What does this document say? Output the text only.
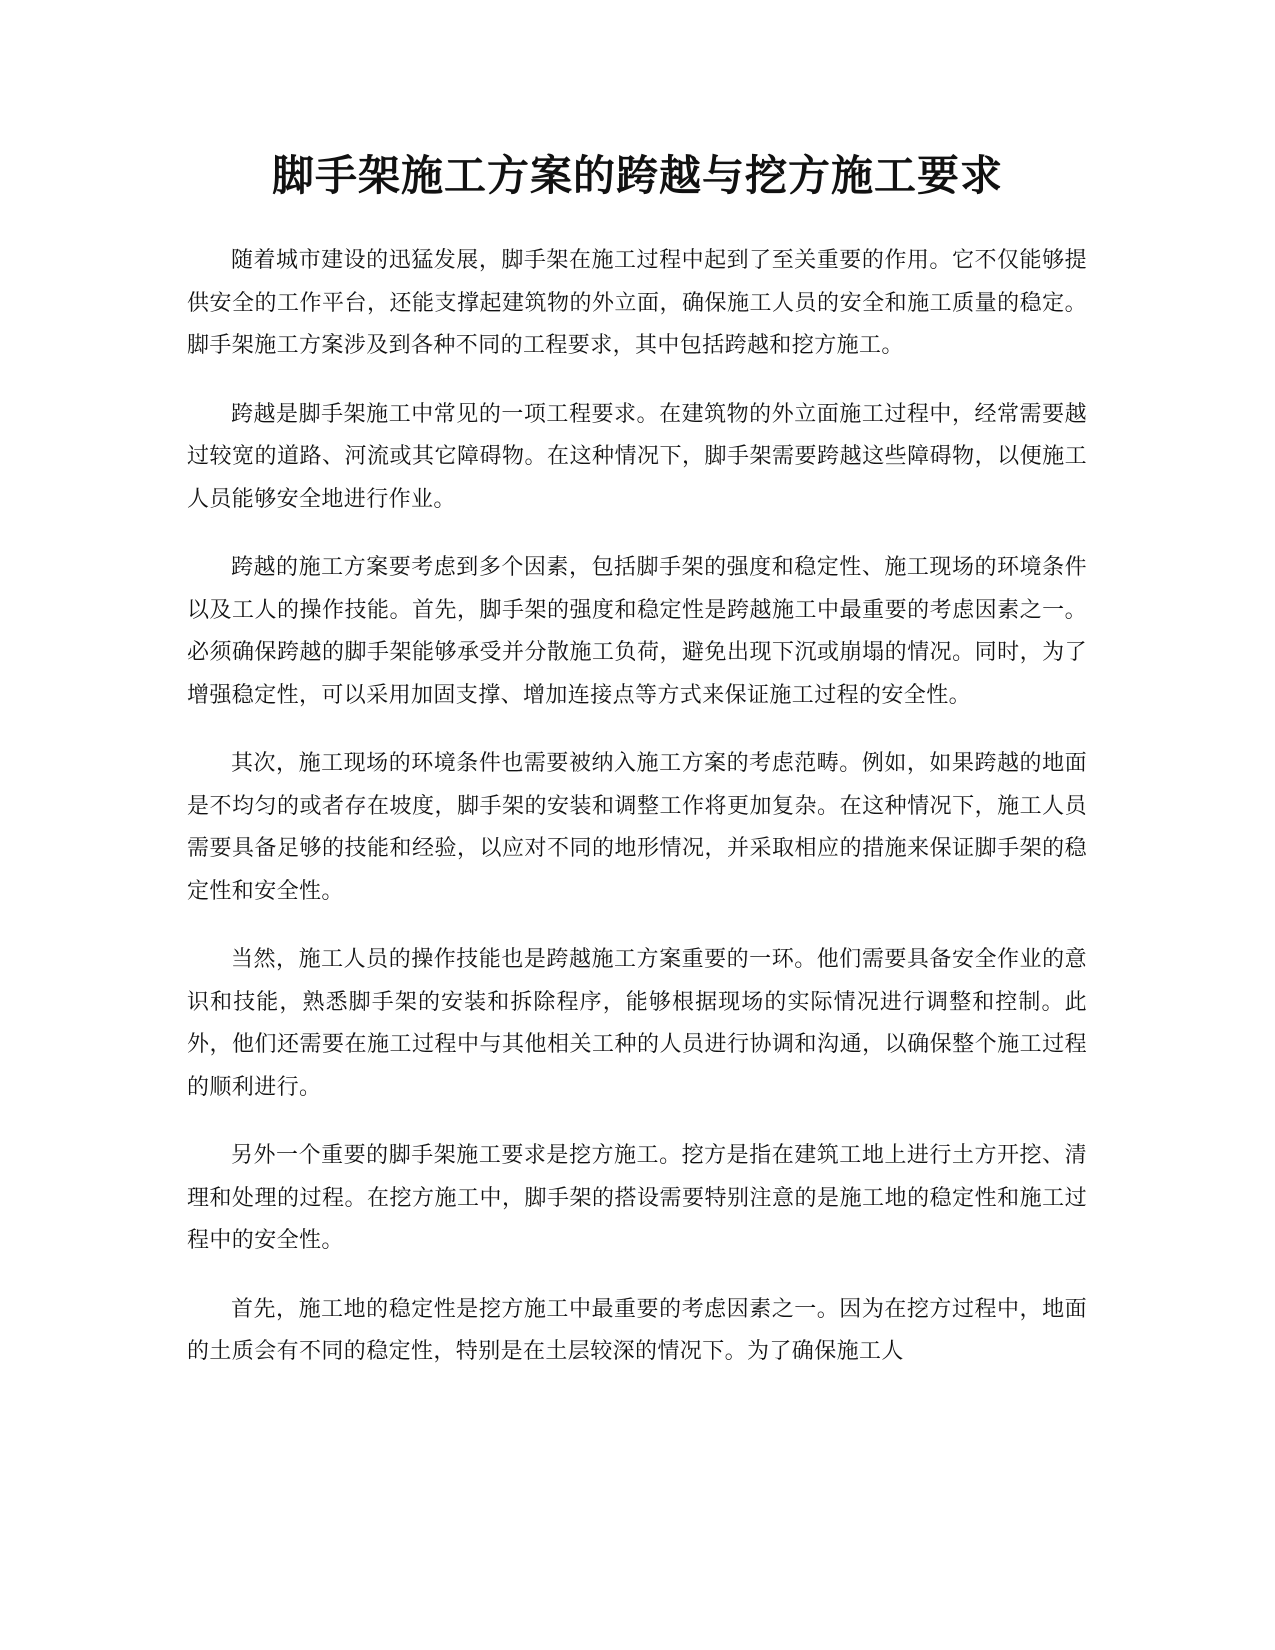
脚手架施工方案的跨越与挖方施工要求

随着城市建设的迅猛发展，脚手架在施工过程中起到了至关重要的作用。它不仅能够提供安全的工作平台，还能支撑起建筑物的外立面，确保施工人员的安全和施工质量的稳定。脚手架施工方案涉及到各种不同的工程要求，其中包括跨越和挖方施工。

跨越是脚手架施工中常见的一项工程要求。在建筑物的外立面施工过程中，经常需要越过较宽的道路、河流或其它障碍物。在这种情况下，脚手架需要跨越这些障碍物，以便施工人员能够安全地进行作业。

跨越的施工方案要考虑到多个因素，包括脚手架的强度和稳定性、施工现场的环境条件以及工人的操作技能。首先，脚手架的强度和稳定性是跨越施工中最重要的考虑因素之一。必须确保跨越的脚手架能够承受并分散施工负荷，避免出现下沉或崩塌的情况。同时，为了增强稳定性，可以采用加固支撑、增加连接点等方式来保证施工过程的安全性。

其次，施工现场的环境条件也需要被纳入施工方案的考虑范畴。例如，如果跨越的地面是不均匀的或者存在坡度，脚手架的安装和调整工作将更加复杂。在这种情况下，施工人员需要具备足够的技能和经验，以应对不同的地形情况，并采取相应的措施来保证脚手架的稳定性和安全性。

当然，施工人员的操作技能也是跨越施工方案重要的一环。他们需要具备安全作业的意识和技能，熟悉脚手架的安装和拆除程序，能够根据现场的实际情况进行调整和控制。此外，他们还需要在施工过程中与其他相关工种的人员进行协调和沟通，以确保整个施工过程的顺利进行。

另外一个重要的脚手架施工要求是挖方施工。挖方是指在建筑工地上进行土方开挖、清理和处理的过程。在挖方施工中，脚手架的搭设需要特别注意的是施工地的稳定性和施工过程中的安全性。

首先，施工地的稳定性是挖方施工中最重要的考虑因素之一。因为在挖方过程中，地面的土质会有不同的稳定性，特别是在土层较深的情况下。为了确保施工人
